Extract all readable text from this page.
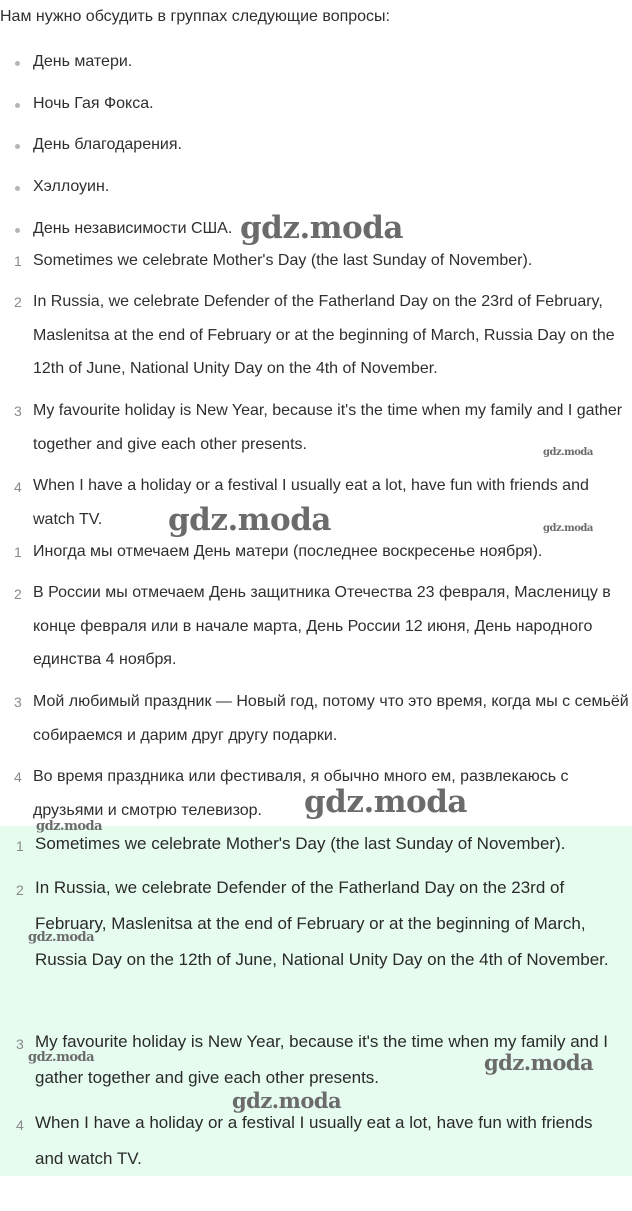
Нам нужно обсудить в группах следующие вопросы:
День матери.
Ночь Гая Фокса.
День благодарения.
Хэллоуин.
День независимости США.
1 Sometimes we celebrate Mother's Day (the last Sunday of November).
2 In Russia, we celebrate Defender of the Fatherland Day on the 23rd of February, Maslenitsa at the end of February or at the beginning of March, Russia Day on the 12th of June, National Unity Day on the 4th of November.
3 My favourite holiday is New Year, because it's the time when my family and I gather together and give each other presents.
4 When I have a holiday or a festival I usually eat a lot, have fun with friends and watch TV.
1 Иногда мы отмечаем День матери (последнее воскресенье ноября).
2 В России мы отмечаем День защитника Отечества 23 февраля, Масленицу в конце февраля или в начале марта, День России 12 июня, День народного единства 4 ноября.
3 Мой любимый праздник — Новый год, потому что это время, когда мы с семьёй собираемся и дарим друг другу подарки.
4 Во время праздника или фестиваля, я обычно много ем, развлекаюсь с друзьями и смотрю телевизор.
1 Sometimes we celebrate Mother's Day (the last Sunday of November).
2 In Russia, we celebrate Defender of the Fatherland Day on the 23rd of February, Maslenitsa at the end of February or at the beginning of March, Russia Day on the 12th of June, National Unity Day on the 4th of November.
3 My favourite holiday is New Year, because it's the time when my family and I gather together and give each other presents.
4 When I have a holiday or a festival I usually eat a lot, have fun with friends and watch TV.
gdz.moda
gdz.moda
gdz.moda	gdz.moda
gdz.moda
gdz.moda
gdz.moda
gdz.moda	gdz.moda
gdz.moda
